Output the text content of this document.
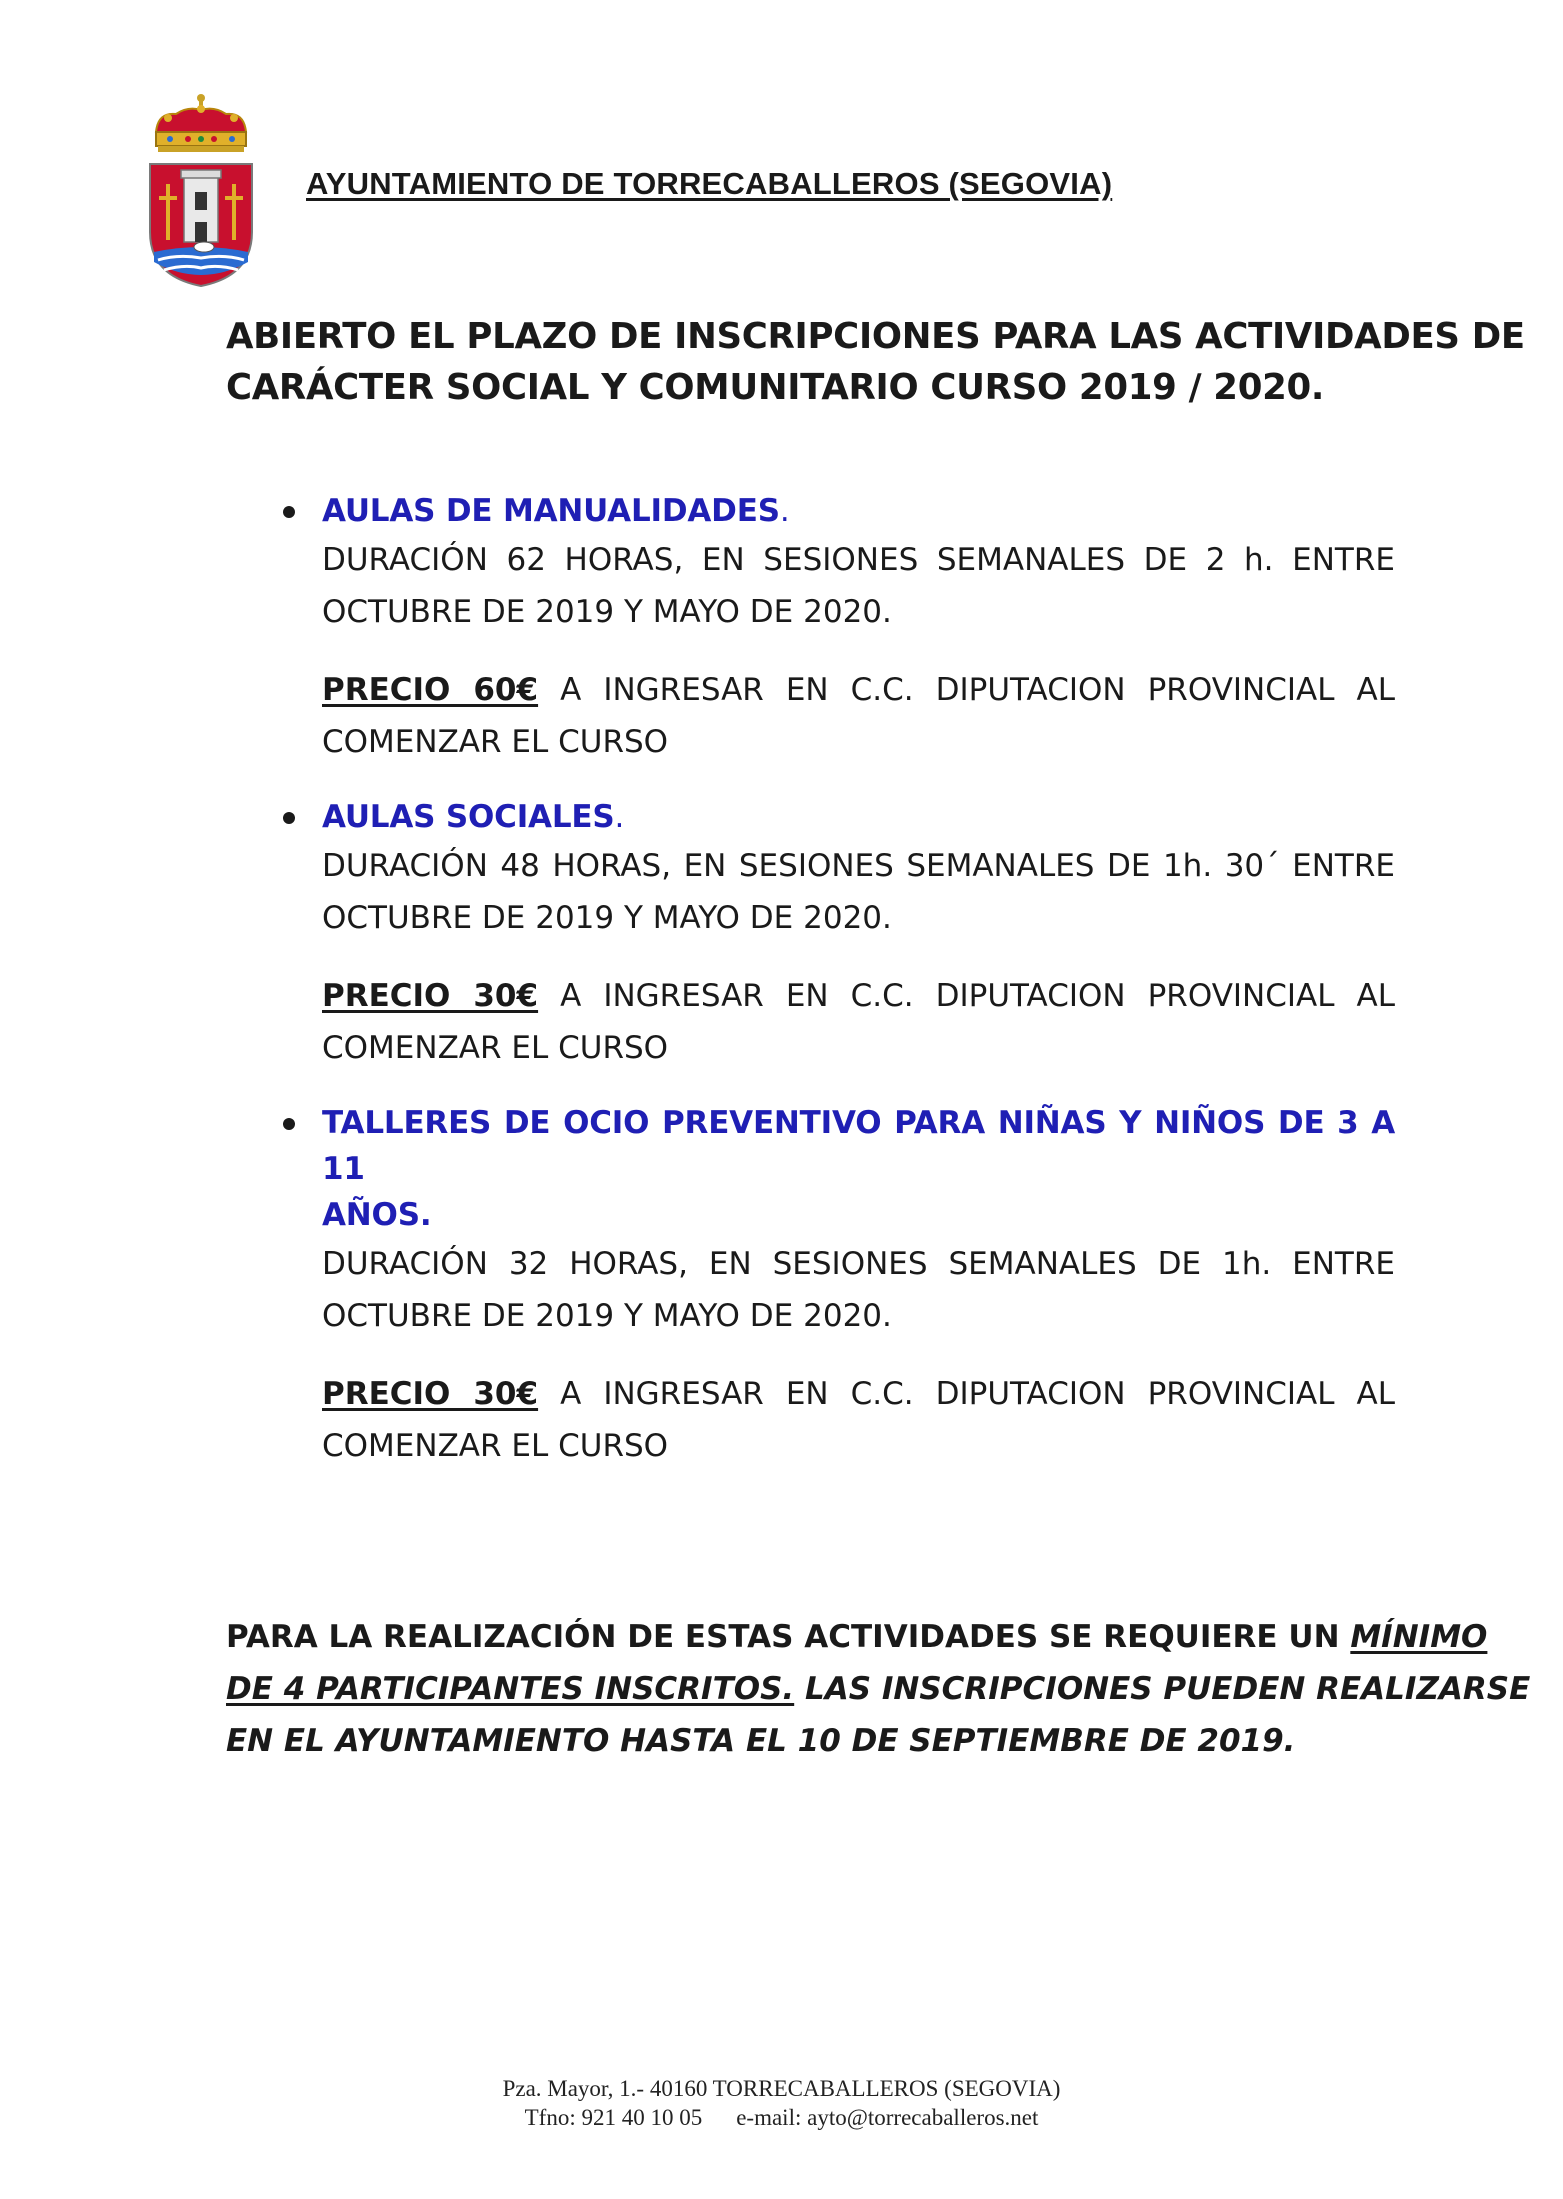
AYUNTAMIENTO DE TORRECABALLEROS (SEGOVIA)
ABIERTO EL PLAZO DE INSCRIPCIONES PARA LAS ACTIVIDADES DE
CARÁCTER SOCIAL Y COMUNITARIO CURSO 2019 / 2020.
AULAS DE MANUALIDADES.
DURACIÓN 62 HORAS, EN SESIONES SEMANALES DE 2 h. ENTRE
OCTUBRE DE 2019 Y MAYO DE 2020.
PRECIO 60€ A INGRESAR EN C.C. DIPUTACION PROVINCIAL AL
COMENZAR EL CURSO
AULAS SOCIALES.
DURACIÓN 48 HORAS, EN SESIONES SEMANALES DE 1h. 30´ ENTRE
OCTUBRE DE 2019 Y MAYO DE 2020.
PRECIO 30€ A INGRESAR EN C.C. DIPUTACION PROVINCIAL AL
COMENZAR EL CURSO
TALLERES DE OCIO PREVENTIVO PARA NIÑAS Y NIÑOS DE 3 A 11
AÑOS.
DURACIÓN 32 HORAS, EN SESIONES SEMANALES DE 1h. ENTRE
OCTUBRE DE 2019 Y MAYO DE 2020.
PRECIO 30€ A INGRESAR EN C.C. DIPUTACION PROVINCIAL AL
COMENZAR EL CURSO
PARA LA REALIZACIÓN DE ESTAS ACTIVIDADES SE REQUIERE UN MÍNIMO
DE 4 PARTICIPANTES INSCRITOS. LAS INSCRIPCIONES PUEDEN REALIZARSE
EN EL AYUNTAMIENTO HASTA EL 10 DE SEPTIEMBRE DE 2019.
Pza. Mayor, 1.- 40160 TORRECABALLEROS (SEGOVIA)
Tfno: 921 40 10 05 e-mail: ayto@torrecaballeros.net
